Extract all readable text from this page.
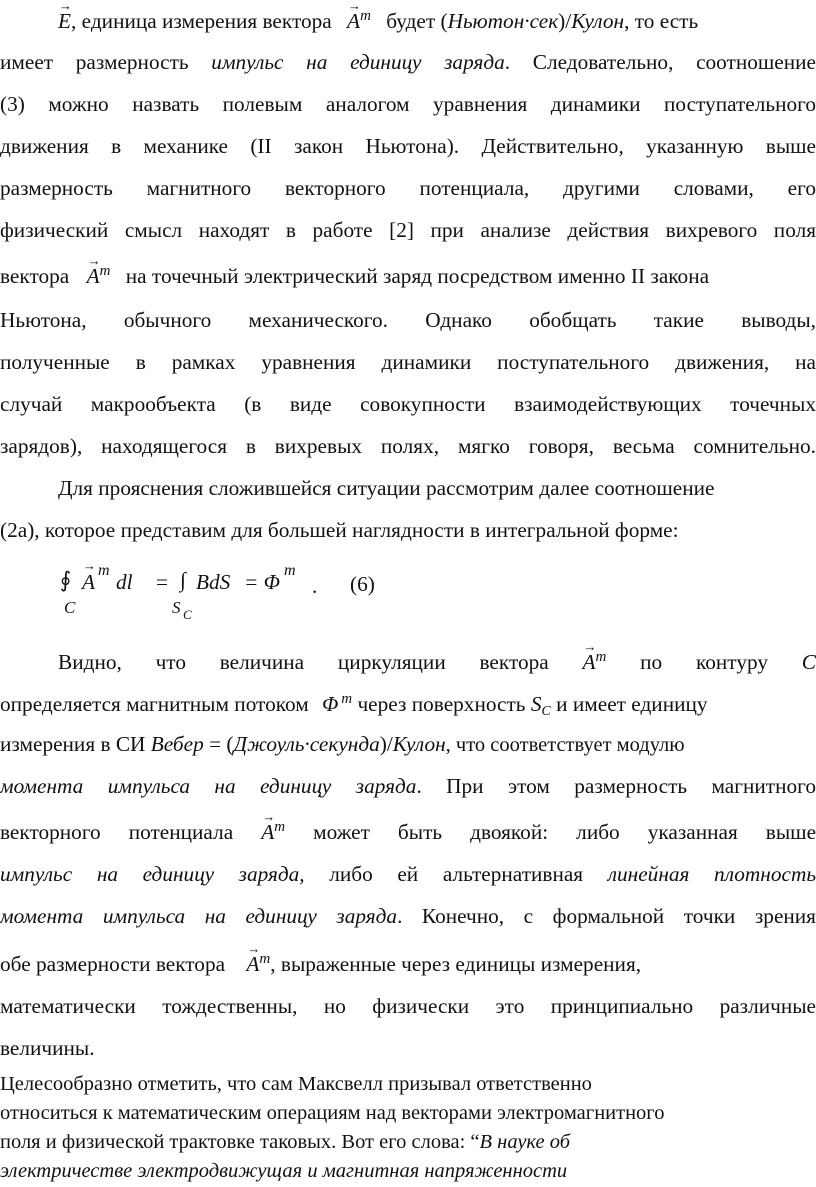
→ E, единица измерения вектора → $A^m$ будет (Ньютон·сек)/Кулон, то есть
имеет размерность импульс на единицу заряда. Следовательно, соотношение
(3) можно назвать полевым аналогом уравнения динамики поступательного
движения в механике (II закон Ньютона). Действительно, указанную выше
размерность магнитного векторного потенциала, другими словами, его
физический смысл находят в работе [2] при анализе действия вихревого поля
вектора → $A^m$ на точечный электрический заряд посредством именно II закона
Ньютона, обычного механического. Однако обобщать такие выводы,
полученные в рамках уравнения динамики поступательного движения, на
случай макрообъекта (в виде совокупности взаимодействующих точечных
зарядов), находящегося в вихревых полях, мягко говоря, весьма сомнительно.
Для прояснения сложившейся ситуации рассмотрим далее соотношение
(2а), которое представим для большей наглядности в интегральной форме:
∮ → A m dl = ∫ BdS = Φ m
. (6)
C	S C
Видно, что величина циркуляции вектора → $A^m$ по контуру C
определяется магнитным потоком Φ $^m$ через поверхность $S_C$ и имеет единицу
измерения в СИ Вебер = (Джоуль·секунда)/Кулон, что соответствует модулю
момента импульса на единицу заряда. При этом размерность магнитного
векторного потенциала → $A^m$ может быть двоякой: либо указанная выше
импульс на единицу заряда, либо ей альтернативная линейная плотность
момента импульса на единицу заряда. Конечно, с формальной точки зрения
обе размерности вектора → $A^m$, выраженные через единицы измерения,
математически тождественны, но физически это принципиально различные
величины.
Целесообразно отметить, что сам Максвелл призывал ответственно
относиться к математическим операциям над векторами электромагнитного
поля и физической трактовке таковых. Вот его слова: “В науке об
электричестве электродвижущая и магнитная напряженности
